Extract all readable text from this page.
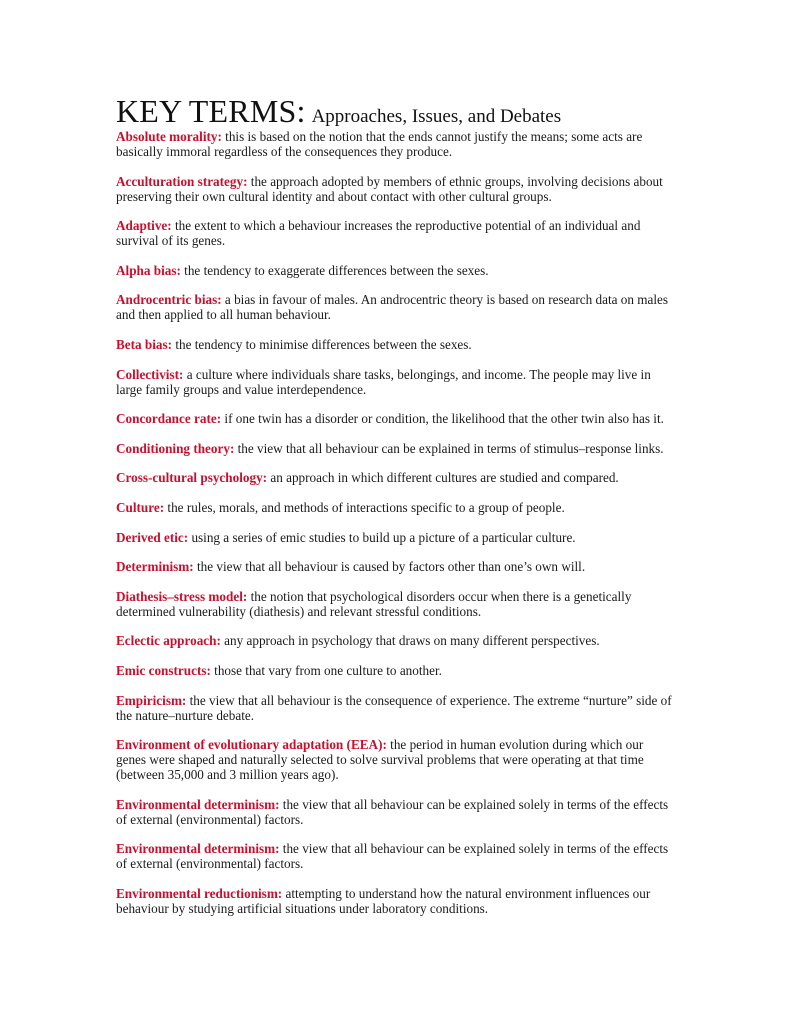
KEY TERMS: Approaches, Issues, and Debates

Absolute morality: this is based on the notion that the ends cannot justify the means; some acts are basically immoral regardless of the consequences they produce.

Acculturation strategy: the approach adopted by members of ethnic groups, involving decisions about preserving their own cultural identity and about contact with other cultural groups.

Adaptive: the extent to which a behaviour increases the reproductive potential of an individual and survival of its genes.

Alpha bias: the tendency to exaggerate differences between the sexes.

Androcentric bias: a bias in favour of males. An androcentric theory is based on research data on males and then applied to all human behaviour.

Beta bias: the tendency to minimise differences between the sexes.

Collectivist: a culture where individuals share tasks, belongings, and income. The people may live in large family groups and value interdependence.

Concordance rate: if one twin has a disorder or condition, the likelihood that the other twin also has it.

Conditioning theory: the view that all behaviour can be explained in terms of stimulus–response links.

Cross-cultural psychology: an approach in which different cultures are studied and compared.

Culture: the rules, morals, and methods of interactions specific to a group of people.

Derived etic: using a series of emic studies to build up a picture of a particular culture.

Determinism: the view that all behaviour is caused by factors other than one’s own will.

Diathesis–stress model: the notion that psychological disorders occur when there is a genetically determined vulnerability (diathesis) and relevant stressful conditions.

Eclectic approach: any approach in psychology that draws on many different perspectives.

Emic constructs: those that vary from one culture to another.

Empiricism: the view that all behaviour is the consequence of experience. The extreme “nurture” side of the nature–nurture debate.

Environment of evolutionary adaptation (EEA): the period in human evolution during which our genes were shaped and naturally selected to solve survival problems that were operating at that time (between 35,000 and 3 million years ago).

Environmental determinism: the view that all behaviour can be explained solely in terms of the effects of external (environmental) factors.

Environmental determinism: the view that all behaviour can be explained solely in terms of the effects of external (environmental) factors.

Environmental reductionism: attempting to understand how the natural environment influences our behaviour by studying artificial situations under laboratory conditions.
